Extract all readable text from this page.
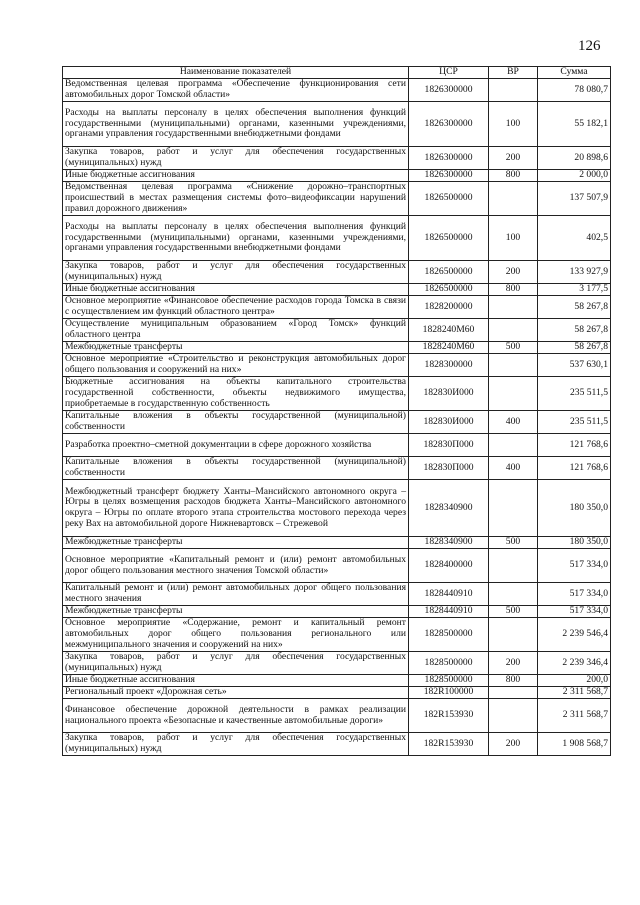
126
Наименование показателей	ЦСР	ВР	Сумма
Ведомственная целевая программа «Обеспечение функционирования сети автомобильных дорог Томской области»	1826300000		78 080,7
Расходы на выплаты персоналу в целях обеспечения выполнения функций государственными (муниципальными) органами, казенными учреждениями, органами управления государственными внебюджетными фондами	1826300000	100	55 182,1
Закупка товаров, работ и услуг для обеспечения государственных (муниципальных) нужд	1826300000	200	20 898,6
Иные бюджетные ассигнования	1826300000	800	2 000,0
Ведомственная целевая программа «Снижение дорожно–транспортных происшествий в местах размещения системы фото–видеофиксации нарушений правил дорожного движения»	1826500000		137 507,9
Расходы на выплаты персоналу в целях обеспечения выполнения функций государственными (муниципальными) органами, казенными учреждениями, органами управления государственными внебюджетными фондами	1826500000	100	402,5
Закупка товаров, работ и услуг для обеспечения государственных (муниципальных) нужд	1826500000	200	133 927,9
Иные бюджетные ассигнования	1826500000	800	3 177,5
Основное мероприятие «Финансовое обеспечение расходов города Томска в связи с осуществлением им функций областного центра»	1828200000		58 267,8
Осуществление муниципальным образованием «Город Томск» функций областного центра	1828240М60		58 267,8
Межбюджетные трансферты	1828240М60	500	58 267,8
Основное мероприятие «Строительство и реконструкция автомобильных дорог общего пользования и сооружений на них»	1828300000		537 630,1
Бюджетные ассигнования на объекты капитального строительства государственной собственности, объекты недвижимого имущества, приобретаемые в государственную собственность	182830И000		235 511,5
Капитальные вложения в объекты государственной (муниципальной) собственности	182830И000	400	235 511,5
Разработка проектно–сметной документации в сфере дорожного хозяйства	182830П000		121 768,6
Капитальные вложения в объекты государственной (муниципальной) собственности	182830П000	400	121 768,6
Межбюджетный трансферт бюджету Ханты–Мансийского автономного округа – Югры в целях возмещения расходов бюджета Ханты–Мансийского автономного округа – Югры по оплате второго этапа строительства мостового перехода через реку Вах на автомобильной дороге Нижневартовск – Стрежевой	1828340900		180 350,0
Межбюджетные трансферты	1828340900	500	180 350,0
Основное мероприятие «Капитальный ремонт и (или) ремонт автомобильных дорог общего пользования местного значения Томской области»	1828400000		517 334,0
Капитальный ремонт и (или) ремонт автомобильных дорог общего пользования местного значения	1828440910		517 334,0
Межбюджетные трансферты	1828440910	500	517 334,0
Основное мероприятие «Содержание, ремонт и капитальный ремонт автомобильных дорог общего пользования регионального или межмуниципального значения и сооружений на них»	1828500000		2 239 546,4
Закупка товаров, работ и услуг для обеспечения государственных (муниципальных) нужд	1828500000	200	2 239 346,4
Иные бюджетные ассигнования	1828500000	800	200,0
Региональный проект «Дорожная сеть»	182R100000		2 311 568,7
Финансовое обеспечение дорожной деятельности в рамках реализации национального проекта «Безопасные и качественные автомобильные дороги»	182R153930		2 311 568,7
Закупка товаров, работ и услуг для обеспечения государственных (муниципальных) нужд	182R153930	200	1 908 568,7
